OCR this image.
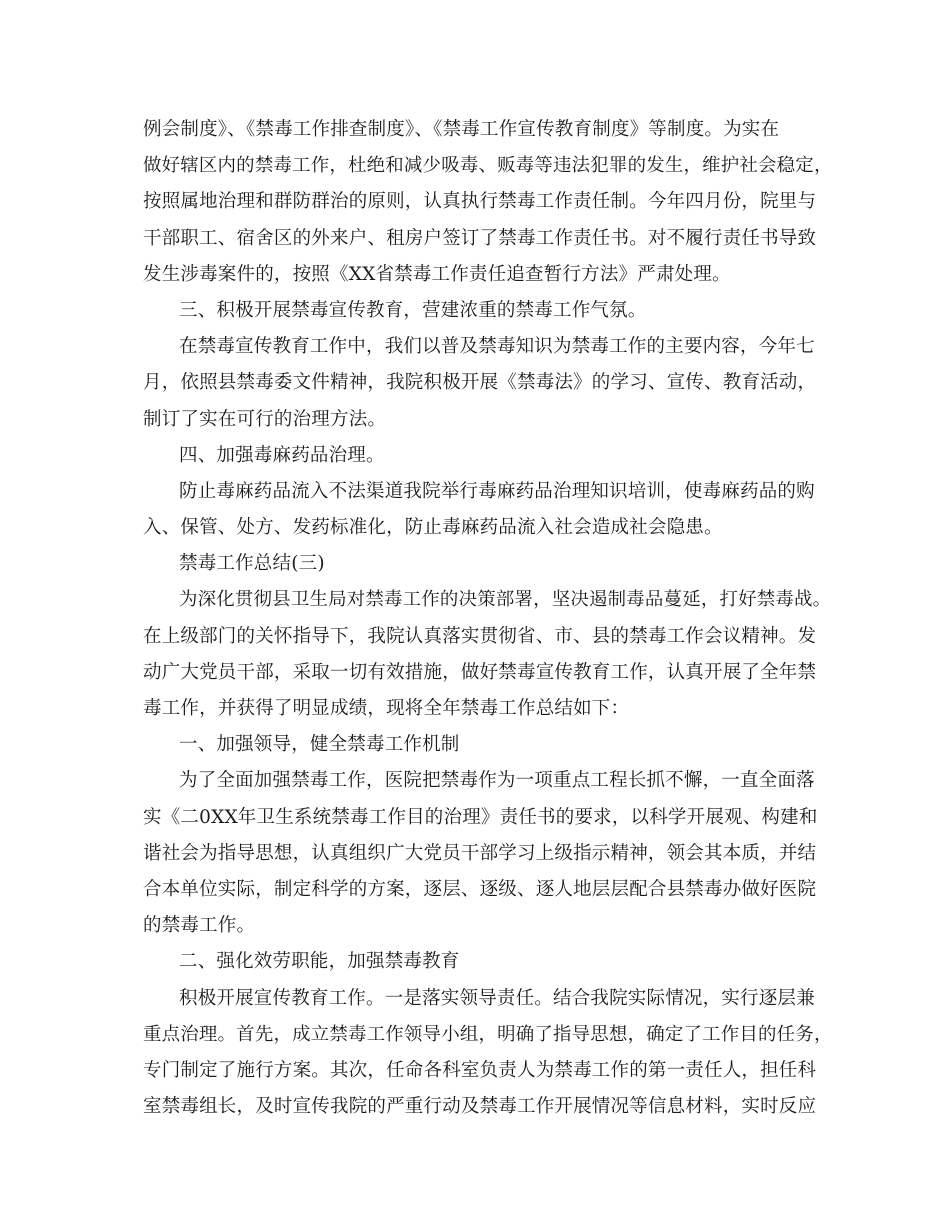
例会制度》、《禁毒工作排查制度》、《禁毒工作宣传教育制度》等制度。为实在
做好辖区内的禁毒工作，杜绝和减少吸毒、贩毒等违法犯罪的发生，维护社会稳定，
按照属地治理和群防群治的原则，认真执行禁毒工作责任制。今年四月份，院里与
干部职工、宿舍区的外来户、租房户签订了禁毒工作责任书。对不履行责任书导致
发生涉毒案件的，按照《XX省禁毒工作责任追查暂行方法》严肃处理。
三、积极开展禁毒宣传教育，营建浓重的禁毒工作气氛。
在禁毒宣传教育工作中，我们以普及禁毒知识为禁毒工作的主要内容，今年七
月，依照县禁毒委文件精神，我院积极开展《禁毒法》的学习、宣传、教育活动，
制订了实在可行的治理方法。
四、加强毒麻药品治理。
防止毒麻药品流入不法渠道我院举行毒麻药品治理知识培训，使毒麻药品的购
入、保管、处方、发药标准化，防止毒麻药品流入社会造成社会隐患。
禁毒工作总结(三)
为深化贯彻县卫生局对禁毒工作的决策部署，坚决遏制毒品蔓延，打好禁毒战。
在上级部门的关怀指导下，我院认真落实贯彻省、市、县的禁毒工作会议精神。发
动广大党员干部，采取一切有效措施，做好禁毒宣传教育工作，认真开展了全年禁
毒工作，并获得了明显成绩，现将全年禁毒工作总结如下：
一、加强领导，健全禁毒工作机制
为了全面加强禁毒工作，医院把禁毒作为一项重点工程长抓不懈，一直全面落
实《二0XX年卫生系统禁毒工作目的治理》责任书的要求，以科学开展观、构建和
谐社会为指导思想，认真组织广大党员干部学习上级指示精神，领会其本质，并结
合本单位实际，制定科学的方案，逐层、逐级、逐人地层层配合县禁毒办做好医院
的禁毒工作。
二、强化效劳职能，加强禁毒教育
积极开展宣传教育工作。一是落实领导责任。结合我院实际情况，实行逐层兼
重点治理。首先，成立禁毒工作领导小组，明确了指导思想，确定了工作目的任务，
专门制定了施行方案。其次，任命各科室负责人为禁毒工作的第一责任人，担任科
室禁毒组长，及时宣传我院的严重行动及禁毒工作开展情况等信息材料，实时反应
